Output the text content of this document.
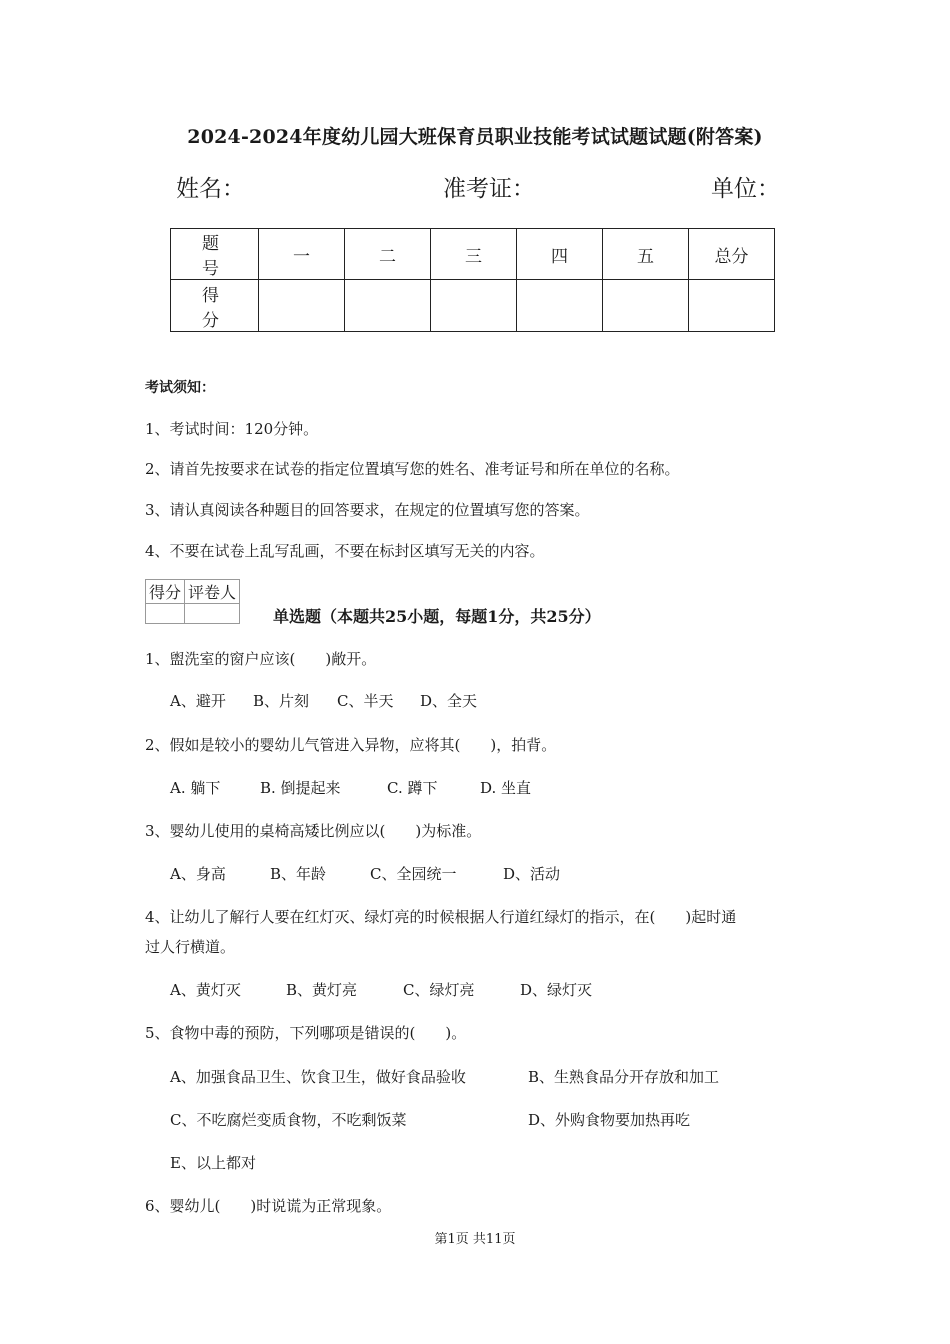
2024-2024年度幼儿园大班保育员职业技能考试试题试题(附答案)
姓名：	准考证：	单位：
题 号	一	二	三	四	五	总分
得 分						
考试须知：
1、考试时间：120分钟。
2、请首先按要求在试卷的指定位置填写您的姓名、准考证号和所在单位的名称。
3、请认真阅读各种题目的回答要求，在规定的位置填写您的答案。
4、不要在试卷上乱写乱画，不要在标封区填写无关的内容。
得分	评卷人

单选题（本题共25小题，每题1分，共25分）
1、盥洗室的窗户应该(　　)敞开。
A、避开 B、片刻 C、半天 D、全天
2、假如是较小的婴幼儿气管进入异物，应将其(　　)，拍背。
A. 躺下	B. 倒提起来	C. 蹲下	D. 坐直
3、婴幼儿使用的桌椅高矮比例应以(　　)为标准。
A、身高	B、年龄	C、全园统一	D、活动
4、让幼儿了解行人要在红灯灭、绿灯亮的时候根据人行道红绿灯的指示，在(　　)起时通
过人行横道。
A、黄灯灭	B、黄灯亮	C、绿灯亮	D、绿灯灭
5、食物中毒的预防，下列哪项是错误的(　　)。
A、加强食品卫生、饮食卫生，做好食品验收	B、生熟食品分开存放和加工
C、不吃腐烂变质食物，不吃剩饭菜	D、外购食物要加热再吃
E、以上都对
6、婴幼儿(　　)时说谎为正常现象。
第1页 共11页
